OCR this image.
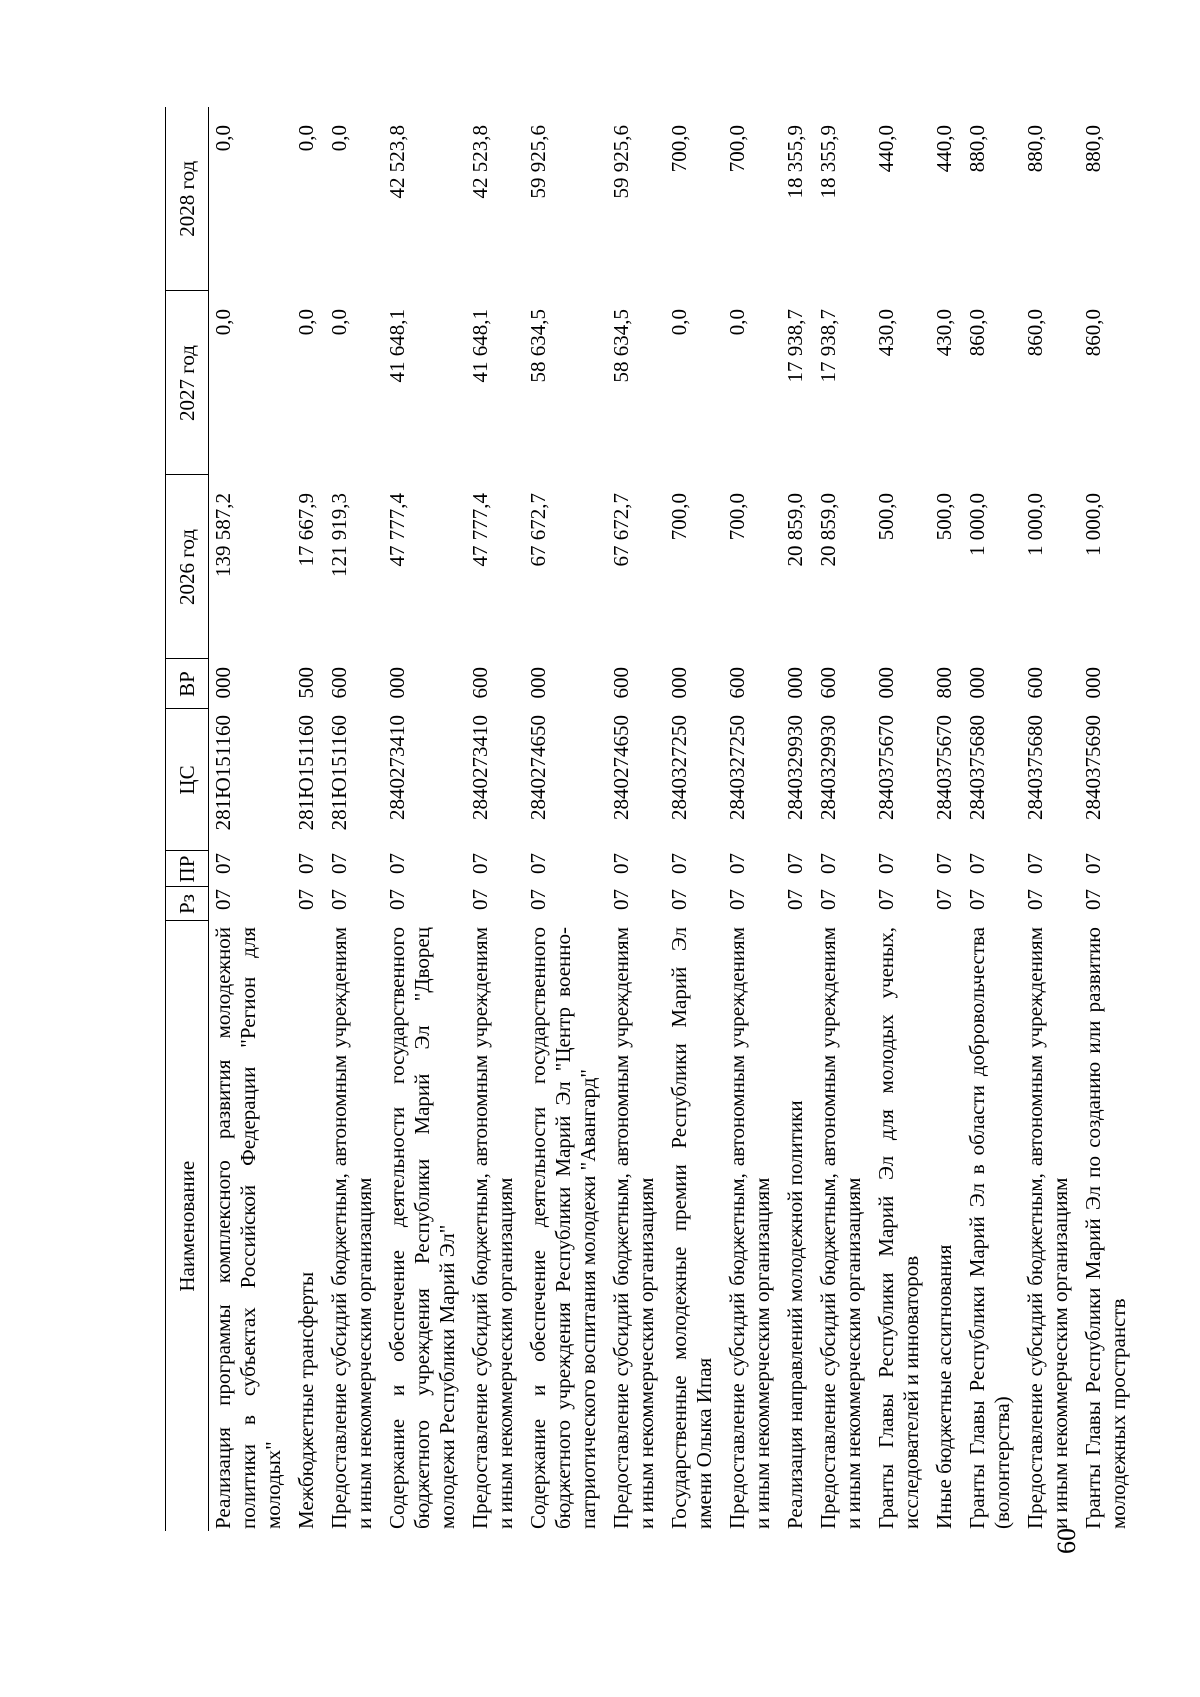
60
Наименование	Рз	ПР	ЦС	ВР	2026 год	2027 год	2028 год
Реализация программы комплексного развития молодежной политики в субъектах Российской Федерации "Регион для молодых"	07	07	281Ю151160	000	139 587,2	0,0	0,0
Межбюджетные трансферты	07	07	281Ю151160	500	17 667,9	0,0	0,0
Предоставление субсидий бюджетным, автономным учреждениям и иным некоммерческим организациям	07	07	281Ю151160	600	121 919,3	0,0	0,0
Содержание и обеспечение деятельности государственного бюджетного учреждения Республики Марий Эл "Дворец молодежи Республики Марий Эл"	07	07	2840273410	000	47 777,4	41 648,1	42 523,8
Предоставление субсидий бюджетным, автономным учреждениям и иным некоммерческим организациям	07	07	2840273410	600	47 777,4	41 648,1	42 523,8
Содержание и обеспечение деятельности государственного бюджетного учреждения Республики Марий Эл "Центр военно-патриотического воспитания молодежи "Авангард"	07	07	2840274650	000	67 672,7	58 634,5	59 925,6
Предоставление субсидий бюджетным, автономным учреждениям и иным некоммерческим организациям	07	07	2840274650	600	67 672,7	58 634,5	59 925,6
Государственные молодежные премии Республики Марий Эл имени Олыка Ипая	07	07	2840327250	000	700,0	0,0	700,0
Предоставление субсидий бюджетным, автономным учреждениям и иным некоммерческим организациям	07	07	2840327250	600	700,0	0,0	700,0
Реализация направлений молодежной политики	07	07	2840329930	000	20 859,0	17 938,7	18 355,9
Предоставление субсидий бюджетным, автономным учреждениям и иным некоммерческим организациям	07	07	2840329930	600	20 859,0	17 938,7	18 355,9
Гранты Главы Республики Марий Эл для молодых ученых, исследователей и инноваторов	07	07	2840375670	000	500,0	430,0	440,0
Иные бюджетные ассигнования	07	07	2840375670	800	500,0	430,0	440,0
Гранты Главы Республики Марий Эл в области добровольчества (волонтерства)	07	07	2840375680	000	1 000,0	860,0	880,0
Предоставление субсидий бюджетным, автономным учреждениям и иным некоммерческим организациям	07	07	2840375680	600	1 000,0	860,0	880,0
Гранты Главы Республики Марий Эл по созданию или развитию молодежных пространств	07	07	2840375690	000	1 000,0	860,0	880,0
